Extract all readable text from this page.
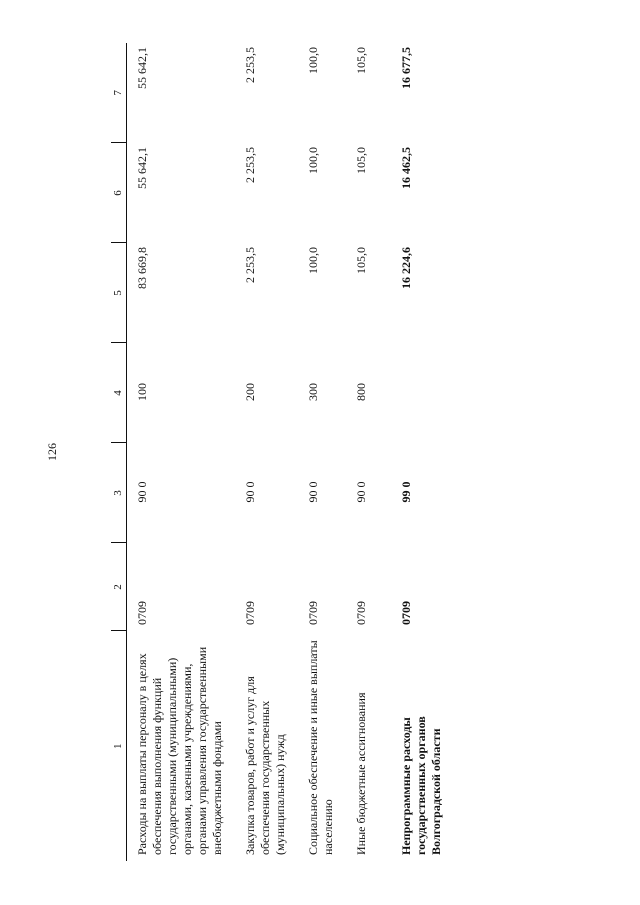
126
1	2	3	4	5	6	7
Расходы на выплаты персоналу в целях обеспечения выполнения функций государственными (муниципальными) органами, казенными учреждениями, органами управления государственными внебюджетными фондами	0709	90 0	100	83 669,8	55 642,1	55 642,1
Закупка товаров, работ и услуг для обеспечения государственных (муниципальных) нужд	0709	90 0	200	2 253,5	2 253,5	2 253,5
Социальное обеспечение и иные выплаты населению	0709	90 0	300	100,0	100,0	100,0
Иные бюджетные ассигнования	0709	90 0	800	105,0	105,0	105,0
Непрограммные расходы государственных органов Волгоградской области	0709	99 0		16 224,6	16 462,5	16 677,5
